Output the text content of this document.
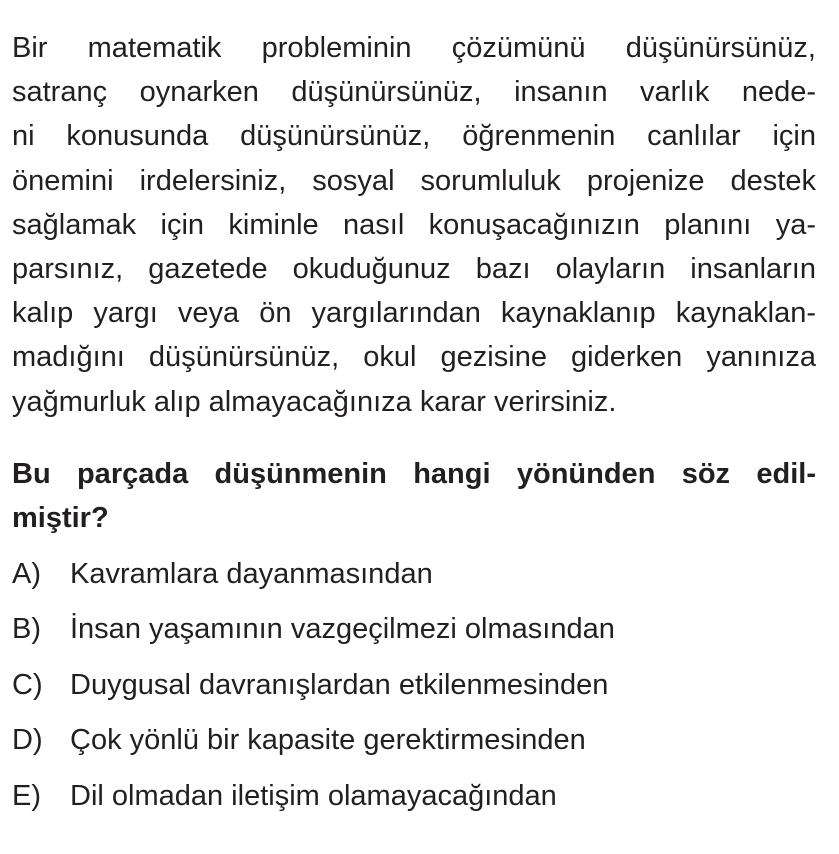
Bir matematik probleminin çözümünü düşünürsünüz,
satranç oynarken düşünürsünüz, insanın varlık nede-
ni konusunda düşünürsünüz, öğrenmenin canlılar için
önemini irdelersiniz, sosyal sorumluluk projenize destek
sağlamak için kiminle nasıl konuşacağınızın planını ya-
parsınız, gazetede okuduğunuz bazı olayların insanların
kalıp yargı veya ön yargılarından kaynaklanıp kaynaklan-
madığını düşünürsünüz, okul gezisine giderken yanınıza
yağmurluk alıp almayacağınıza karar verirsiniz.
Bu parçada düşünmenin hangi yönünden söz edil-
miştir?
A)	Kavramlara dayanmasından
B)	İnsan yaşamının vazgeçilmezi olmasından
C) Duygusal davranışlardan etkilenmesinden
D) Çok yönlü bir kapasite gerektirmesinden
E)	Dil olmadan iletişim olamayacağından
